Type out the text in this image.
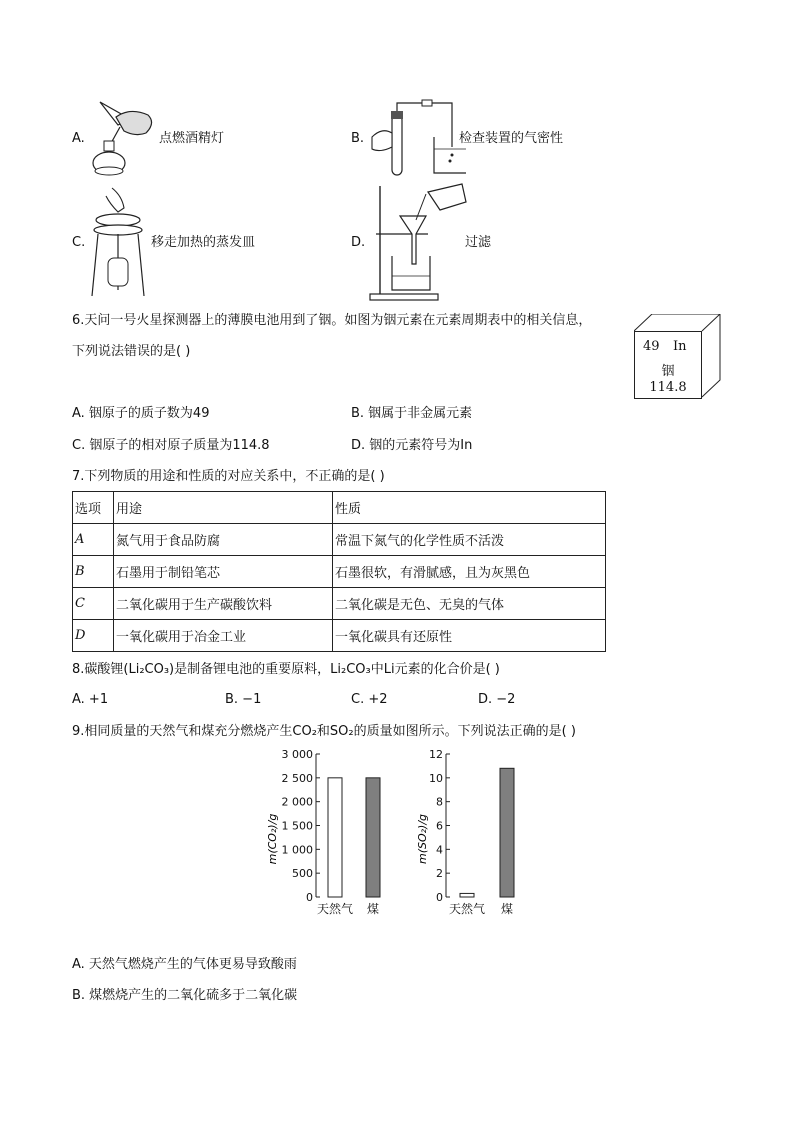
A.	点燃酒精灯	B.	检查装置的气密性
C.	移走加热的蒸发皿	D.	过滤
6.天问一号火星探测器上的薄膜电池用到了铟。如图为铟元素在元素周期表中的相关信息，
下列说法错误的是( )	49 In
铟
114.8
A. 铟原子的质子数为49	B. 铟属于非金属元素
C. 铟原子的相对原子质量为114.8	D. 铟的元素符号为In
7.下列物质的用途和性质的对应关系中，不正确的是( )
选项	用途	性质
A	氮气用于食品防腐	常温下氮气的化学性质不活泼
B	石墨用于制铅笔芯	石墨很软，有滑腻感，且为灰黑色
C	二氧化碳用于生产碳酸饮料	二氧化碳是无色、无臭的气体
D	一氧化碳用于冶金工业	一氧化碳具有还原性
8.碳酸锂(Li₂CO₃)是制备锂电池的重要原料，Li₂CO₃中Li元素的化合价是( )
A. +1	B. −1	C. +2	D. −2
9.相同质量的天然气和煤充分燃烧产生CO₂和SO₂的质量如图所示。下列说法正确的是( )
m(CO₂)/g
0
500
1 000
1 500
2 000
2 500
3 000
天然气 煤
m(SO₂)/g
0
2
4
6
8
10
12
天然气 煤
A. 天然气燃烧产生的气体更易导致酸雨
B. 煤燃烧产生的二氧化硫多于二氧化碳
